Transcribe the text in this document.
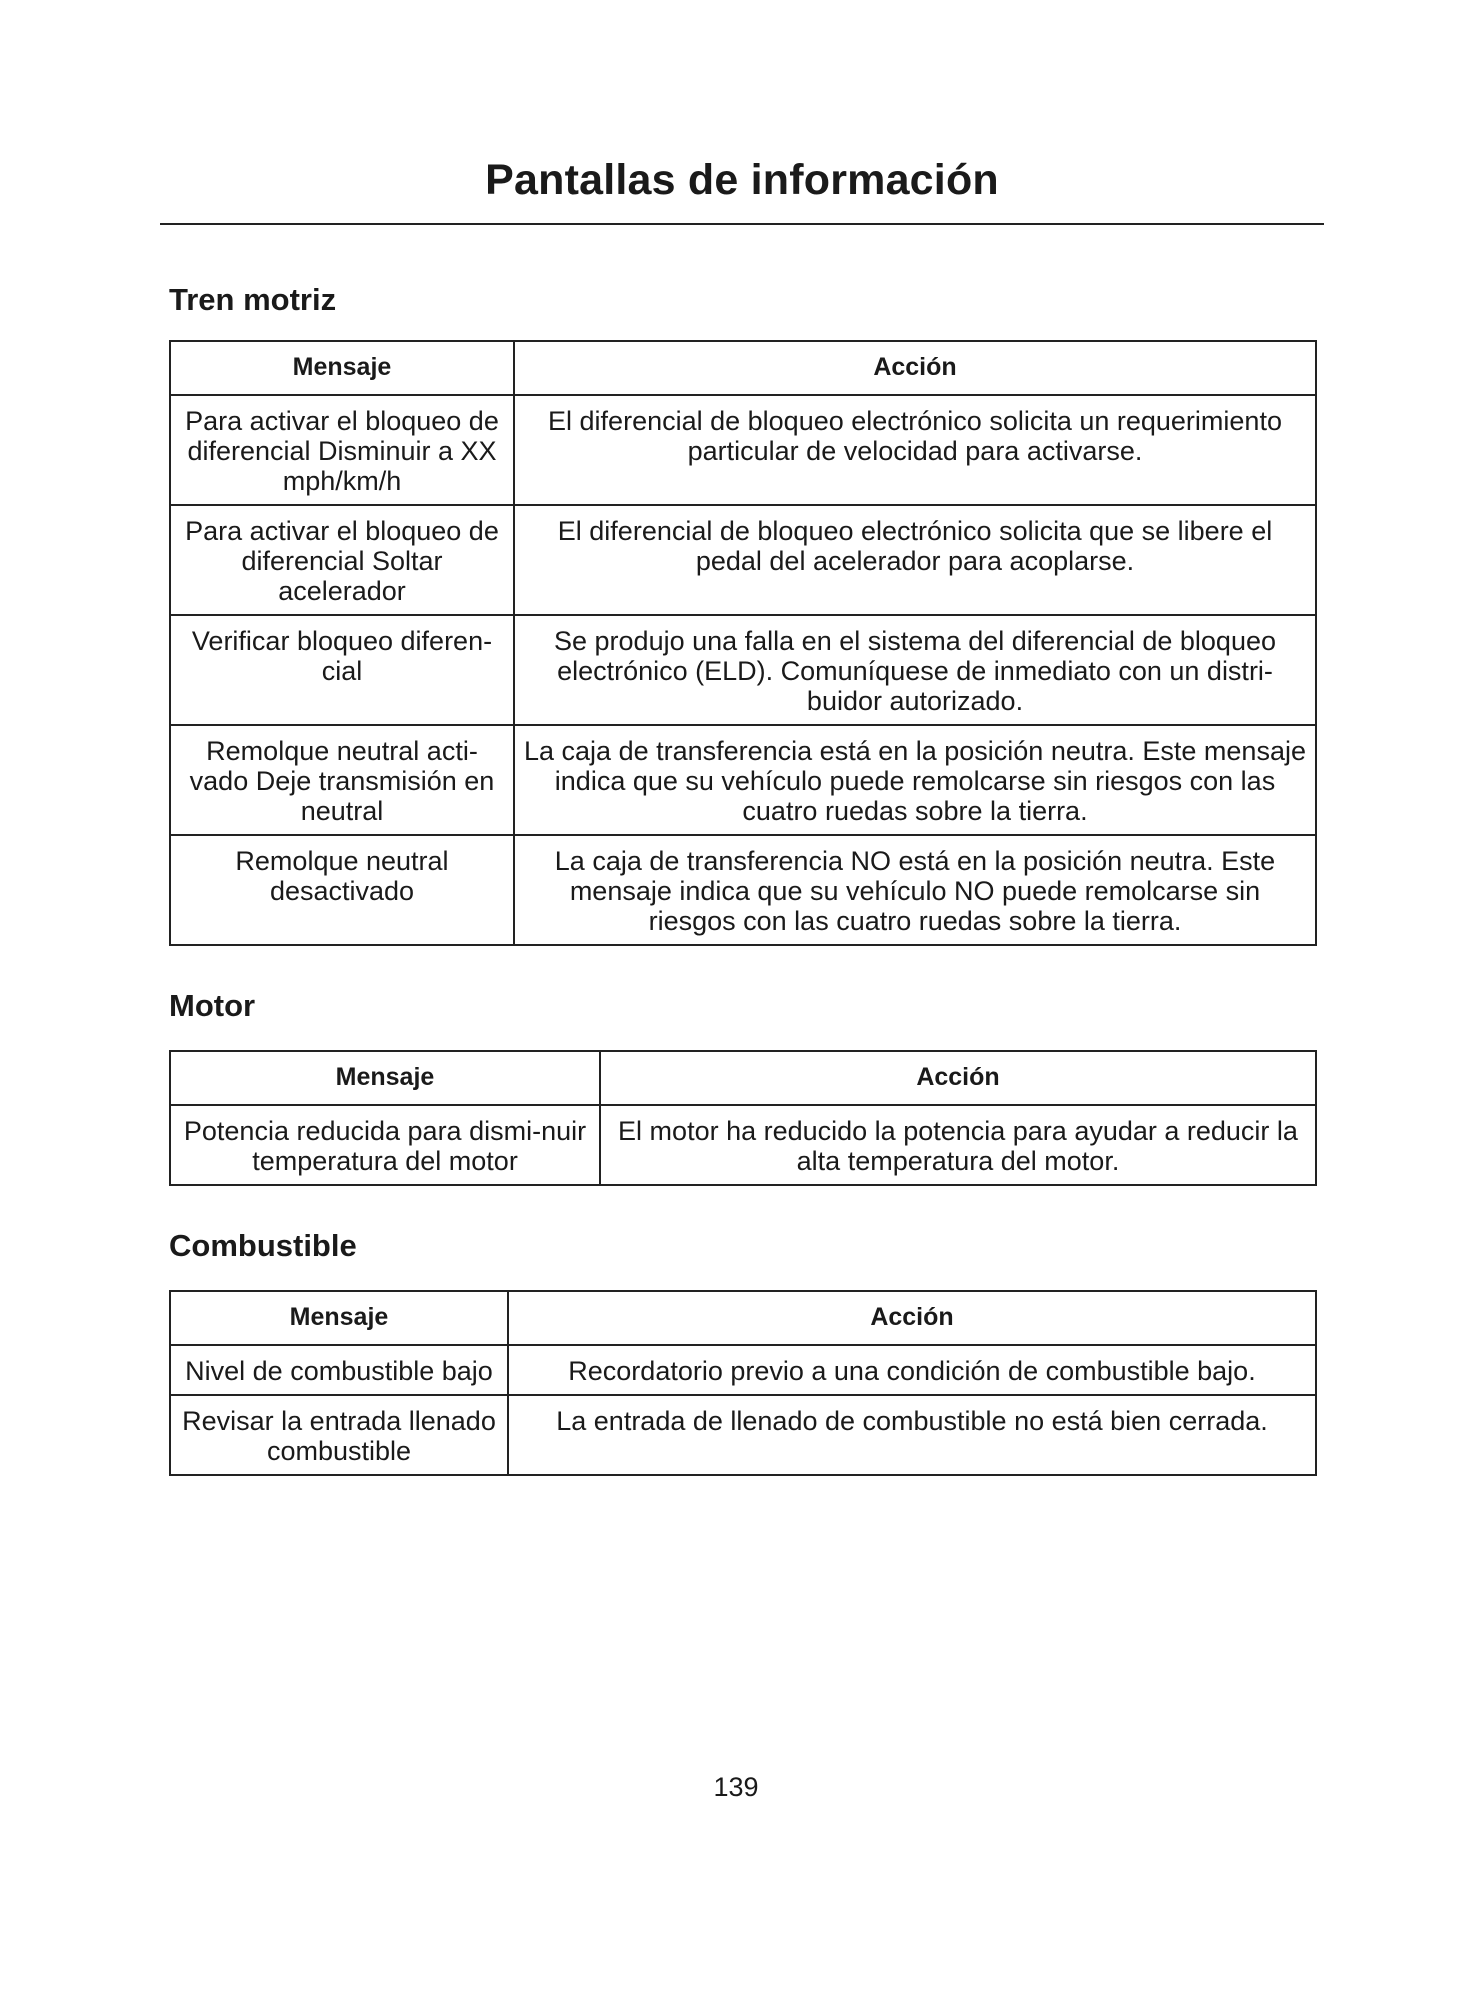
Pantallas de información
Tren motriz
Mensaje	Acción
Para activar el bloqueo de diferencial Disminuir a XX mph/km/h	El diferencial de bloqueo electrónico solicita un requerimiento particular de velocidad para activarse.
Para activar el bloqueo de diferencial Soltar acelerador	El diferencial de bloqueo electrónico solicita que se libere el pedal del acelerador para acoplarse.
Verificar bloqueo diferen-cial	Se produjo una falla en el sistema del diferencial de bloqueo electrónico (ELD). Comuníquese de inmediato con un distri-buidor autorizado.
Remolque neutral acti-vado Deje transmisión en neutral	La caja de transferencia está en la posición neutra. Este mensaje indica que su vehículo puede remolcarse sin riesgos con las cuatro ruedas sobre la tierra.
Remolque neutral desactivado	La caja de transferencia NO está en la posición neutra. Este mensaje indica que su vehículo NO puede remolcarse sin riesgos con las cuatro ruedas sobre la tierra.
Motor
Mensaje	Acción
Potencia reducida para dismi-nuir temperatura del motor	El motor ha reducido la potencia para ayudar a reducir la alta temperatura del motor.
Combustible
Mensaje	Acción
Nivel de combustible bajo	Recordatorio previo a una condición de combustible bajo.
Revisar la entrada llenado combustible	La entrada de llenado de combustible no está bien cerrada.
139
